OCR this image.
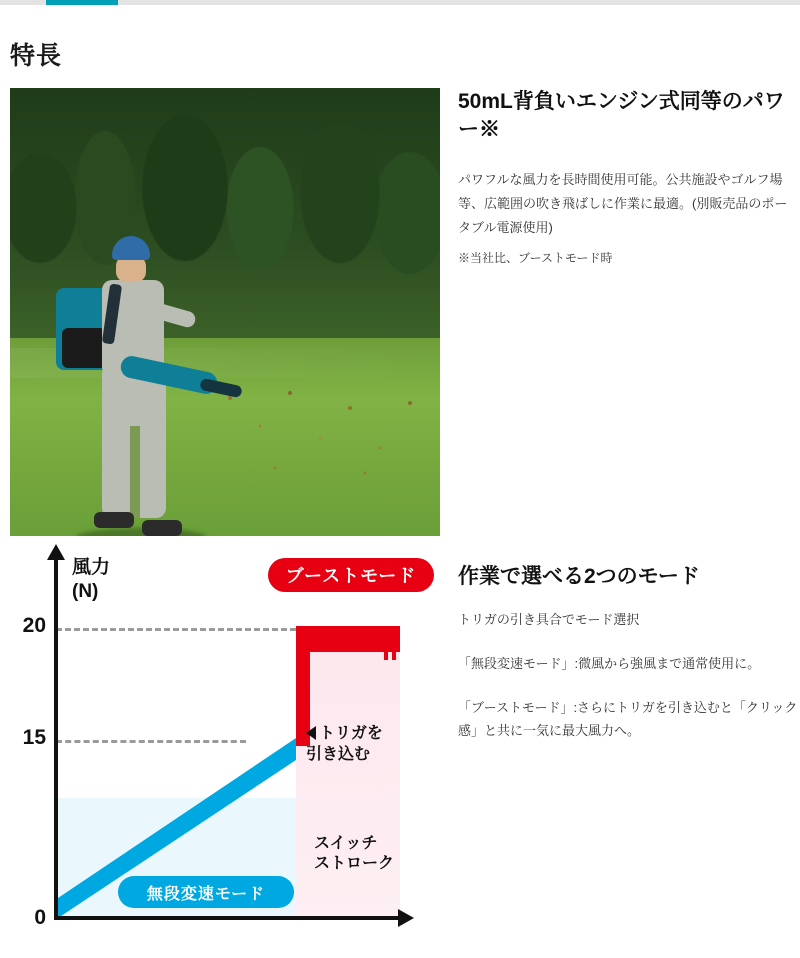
特長
50mL背負いエンジン式同等のパワー※
パワフルな風力を長時間使用可能。公共施設やゴルフ場等、広範囲の吹き飛ばしに作業に最適。(別販売品のポータブル電源使用)
※当社比、ブーストモード時
風力
(N)
20
15
0
ブーストモード
無段変速モード
トリガを
引き込む
スイッチ
ストローク
作業で選べる2つのモード
トリガの引き具合でモード選択
「無段変速モード」:微風から強風まで通常使用に。
「ブーストモード」:さらにトリガを引き込むと「クリック感」と共に一気に最大風力へ。
